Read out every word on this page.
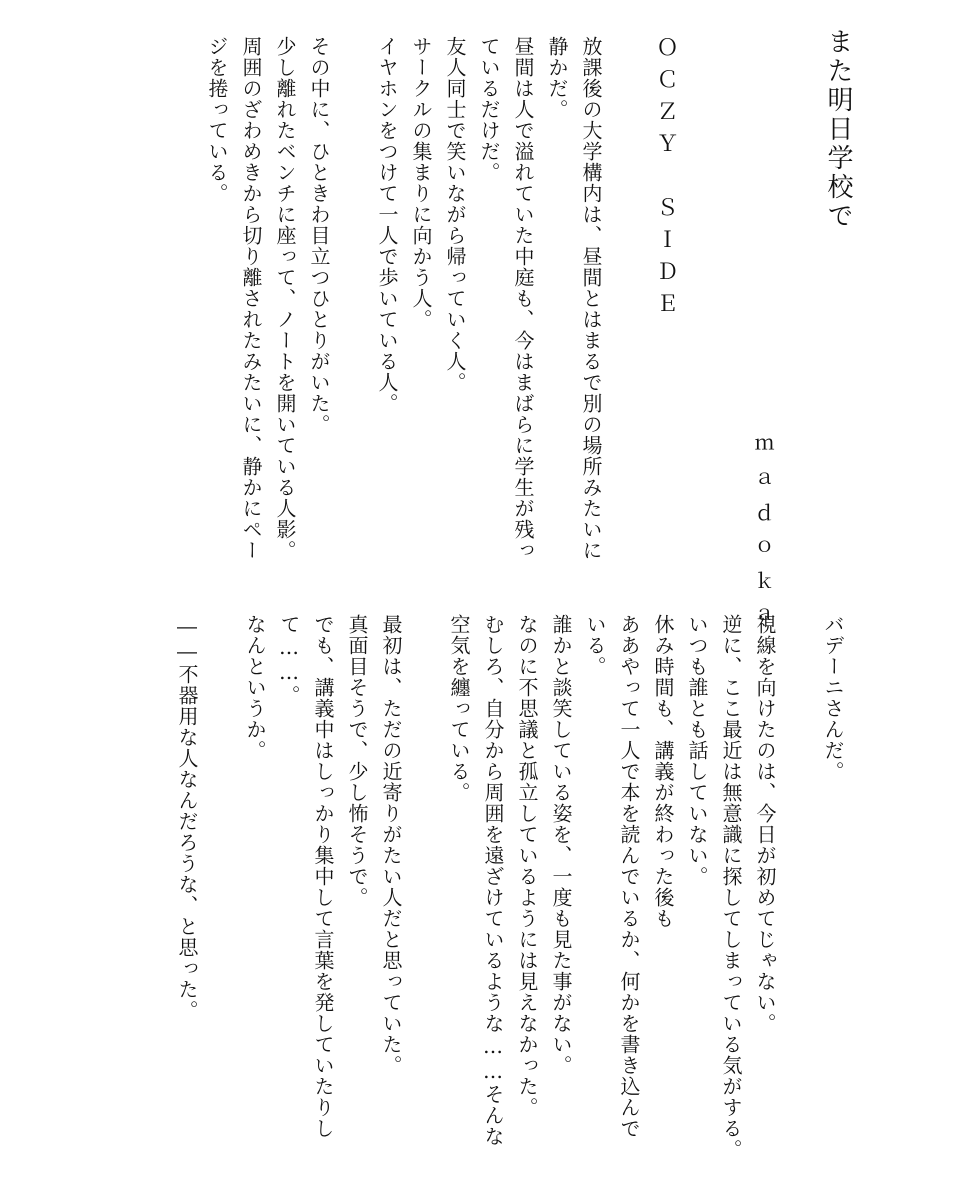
また明日学校で
ｍａｄｏｋａ
ＯＣＺＹ　ＳＩＤＥ
放課後の大学構内は、昼間とはまるで別の場所みたいに
静かだ。
昼間は人で溢れていた中庭も、今はまばらに学生が残っ
ているだけだ。
友人同士で笑いながら帰っていく人。
サークルの集まりに向かう人。
イヤホンをつけて一人で歩いている人。
その中に、ひときわ目立つひとりがいた。
少し離れたベンチに座って、ノートを開いている人影。
周囲のざわめきから切り離されたみたいに、静かにペー
ジを捲っている。
バデーニさんだ。
視線を向けたのは、今日が初めてじゃない。
逆に、ここ最近は無意識に探してしまっている気がする。
いつも誰とも話していない。
休み時間も、講義が終わった後も
ああやって一人で本を読んでいるか、何かを書き込んで
いる。
誰かと談笑している姿を、一度も見た事がない。
なのに不思議と孤立しているようには見えなかった。
むしろ、自分から周囲を遠ざけているような……そんな
空気を纏っている。
最初は、ただの近寄りがたい人だと思っていた。
真面目そうで、少し怖そうで。
でも、講義中はしっかり集中して言葉を発していたりし
て……。
なんというか。
――不器用な人なんだろうな、と思った。
